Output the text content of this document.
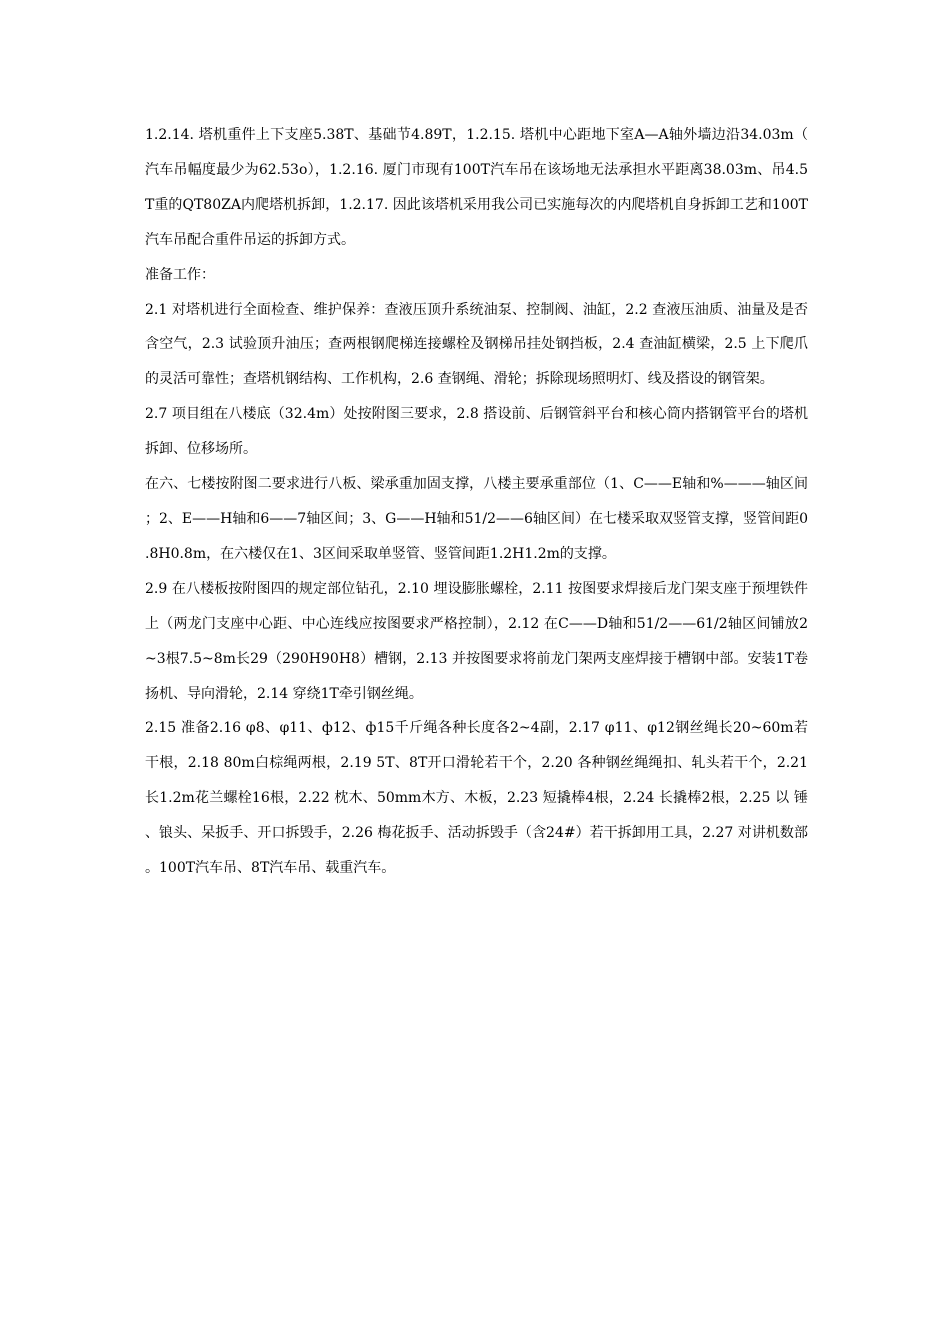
1.2.14. 塔机重件上下支座5.38T、基础节4.89T，1.2.15. 塔机中心距地下室A—A轴外墙边沿34.03m（汽车吊幅度最少为62.53o），1.2.16. 厦门市现有100T汽车吊在该场地无法承担水平距离38.03m、吊4.5T重的QT80ZA内爬塔机拆卸，1.2.17. 因此该塔机采用我公司已实施每次的内爬塔机自身拆卸工艺和100T汽车吊配合重件吊运的拆卸方式。

准备工作：

2.1 对塔机进行全面检查、维护保养：查液压顶升系统油泵、控制阀、油缸，2.2 查液压油质、油量及是否含空气，2.3 试验顶升油压；查两根钢爬梯连接螺栓及钢梯吊挂处钢挡板，2.4 查油缸横梁，2.5 上下爬爪的灵活可靠性；查塔机钢结构、工作机构，2.6 查钢绳、滑轮；拆除现场照明灯、线及搭设的钢管架。

2.7 项目组在八楼底（32.4m）处按附图三要求，2.8 搭设前、后钢管斜平台和核心筒内搭钢管平台的塔机拆卸、位移场所。

在六、七楼按附图二要求进行八板、梁承重加固支撑，八楼主要承重部位（1、C——E轴和%———轴区间；2、E——H轴和6——7轴区间；3、G——H轴和51/2——6轴区间）在七楼采取双竖管支撑，竖管间距0.8H0.8m，在六楼仅在1、3区间采取单竖管、竖管间距1.2H1.2m的支撑。

2.9 在八楼板按附图四的规定部位钻孔，2.10 埋设膨胀螺栓，2.11 按图要求焊接后龙门架支座于预埋铁件上（两龙门支座中心距、中心连线应按图要求严格控制），2.12 在C——D轴和51/2——61/2轴区间铺放2~3根7.5~8m长29（290H90H8）槽钢，2.13 并按图要求将前龙门架两支座焊接于槽钢中部。安装1T卷扬机、导向滑轮，2.14 穿绕1T牵引钢丝绳。

2.15 准备2.16 φ8、φ11、ф12、ф15千斤绳各种长度各2~4副，2.17 φ11、φ12钢丝绳长20~60m若干根，2.18 80m白棕绳两根，2.19 5T、8T开口滑轮若干个，2.20 各种钢丝绳绳扣、轧头若干个，2.21 长1.2m花兰螺栓16根，2.22 枕木、50mm木方、木板，2.23 短撬棒4根，2.24 长撬棒2根，2.25 以 锤、锒头、呆扳手、开口拆毁手，2.26 梅花扳手、活动拆毁手（含24#）若干拆卸用工具，2.27 对讲机数部。100T汽车吊、8T汽车吊、载重汽车。
